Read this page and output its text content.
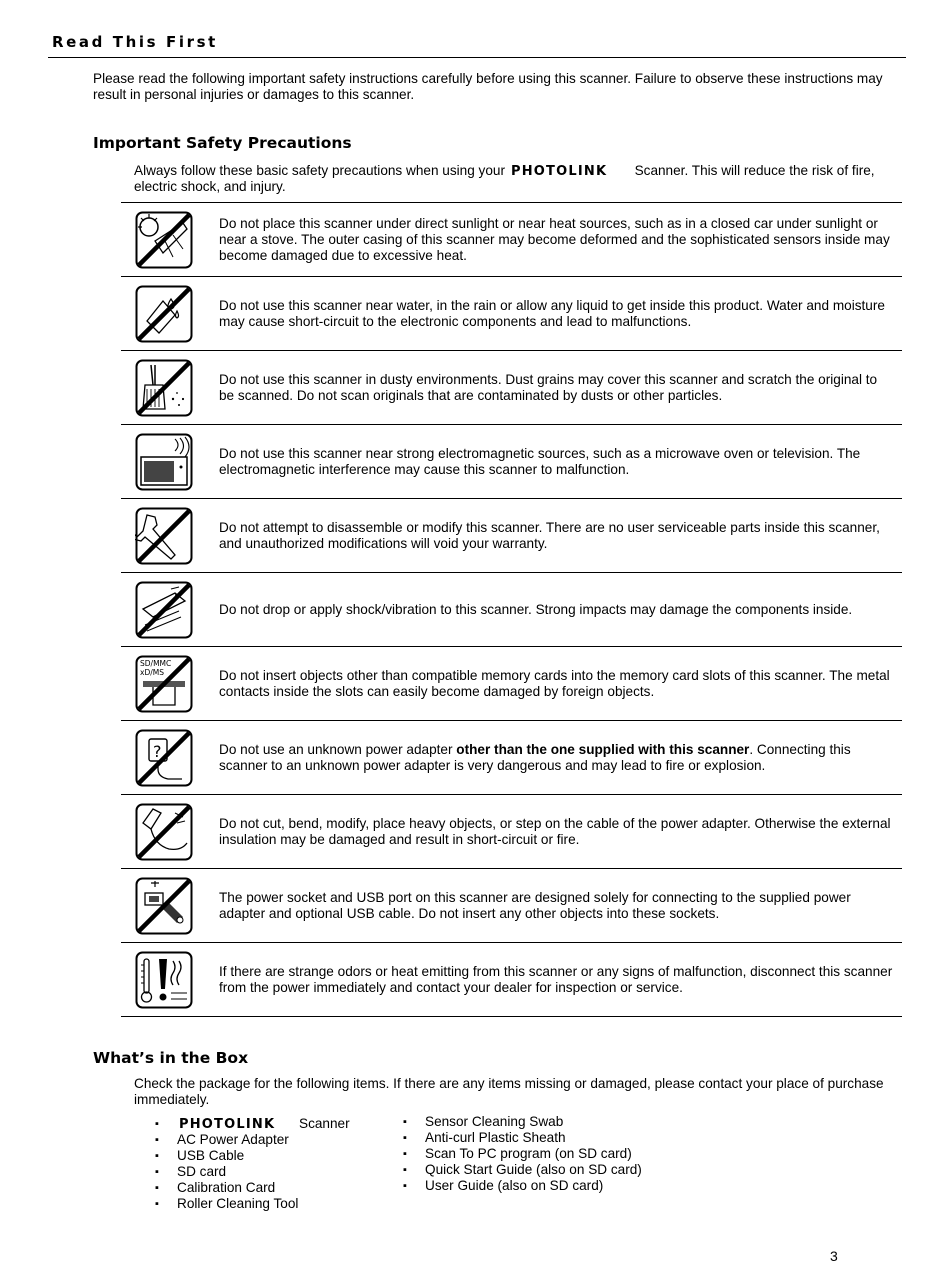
Read This First
Please read the following important safety instructions carefully before using this scanner. Failure to observe these instructions may result in personal injuries or damages to this scanner.
Important Safety Precautions
Always follow these basic safety precautions when using your PHOTOLINK Scanner. This will reduce the risk of fire, electric shock, and injury.
	Do not place this scanner under direct sunlight or near heat sources, such as in a closed car under sunlight or near a stove. The outer casing of this scanner may become deformed and the sophisticated sensors inside may become damaged due to excessive heat.

	Do not use this scanner near water, in the rain or allow any liquid to get inside this product. Water and moisture may cause short-circuit to the electronic components and lead to malfunctions.

	Do not use this scanner in dusty environments. Dust grains may cover this scanner and scratch the original to be scanned. Do not scan originals that are contaminated by dusts or other particles.

	Do not use this scanner near strong electromagnetic sources, such as a microwave oven or television. The electromagnetic interference may cause this scanner to malfunction.

	Do not attempt to disassemble or modify this scanner. There are no user serviceable parts inside this scanner, and unauthorized modifications will void your warranty.

	Do not drop or apply shock/vibration to this scanner. Strong impacts may damage the components inside.

SD/MMC
xD/MS	Do not insert objects other than compatible memory cards into the memory card slots of this scanner. The metal contacts inside the slots can easily become damaged by foreign objects.

?	Do not use an unknown power adapter other than the one supplied with this scanner. Connecting this scanner to an unknown power adapter is very dangerous and may lead to fire or explosion.

	Do not cut, bend, modify, place heavy objects, or step on the cable of the power adapter. Otherwise the external insulation may be damaged and result in short-circuit or fire.

	The power socket and USB port on this scanner are designed solely for connecting to the supplied power adapter and optional USB cable. Do not insert any other objects into these sockets.

	If there are strange odors or heat emitting from this scanner or any signs of malfunction, disconnect this scanner from the power immediately and contact your dealer for inspection or service.
What’s in the Box
Check the package for the following items. If there are any items missing or damaged, please contact your place of purchase immediately.
▪ PHOTOLINK Scanner
▪ AC Power Adapter
▪ USB Cable
▪ SD card
▪ Calibration Card
▪ Roller Cleaning Tool
▪ Sensor Cleaning Swab
▪ Anti-curl Plastic Sheath
▪ Scan To PC program (on SD card)
▪ Quick Start Guide (also on SD card)
▪ User Guide (also on SD card)
3
